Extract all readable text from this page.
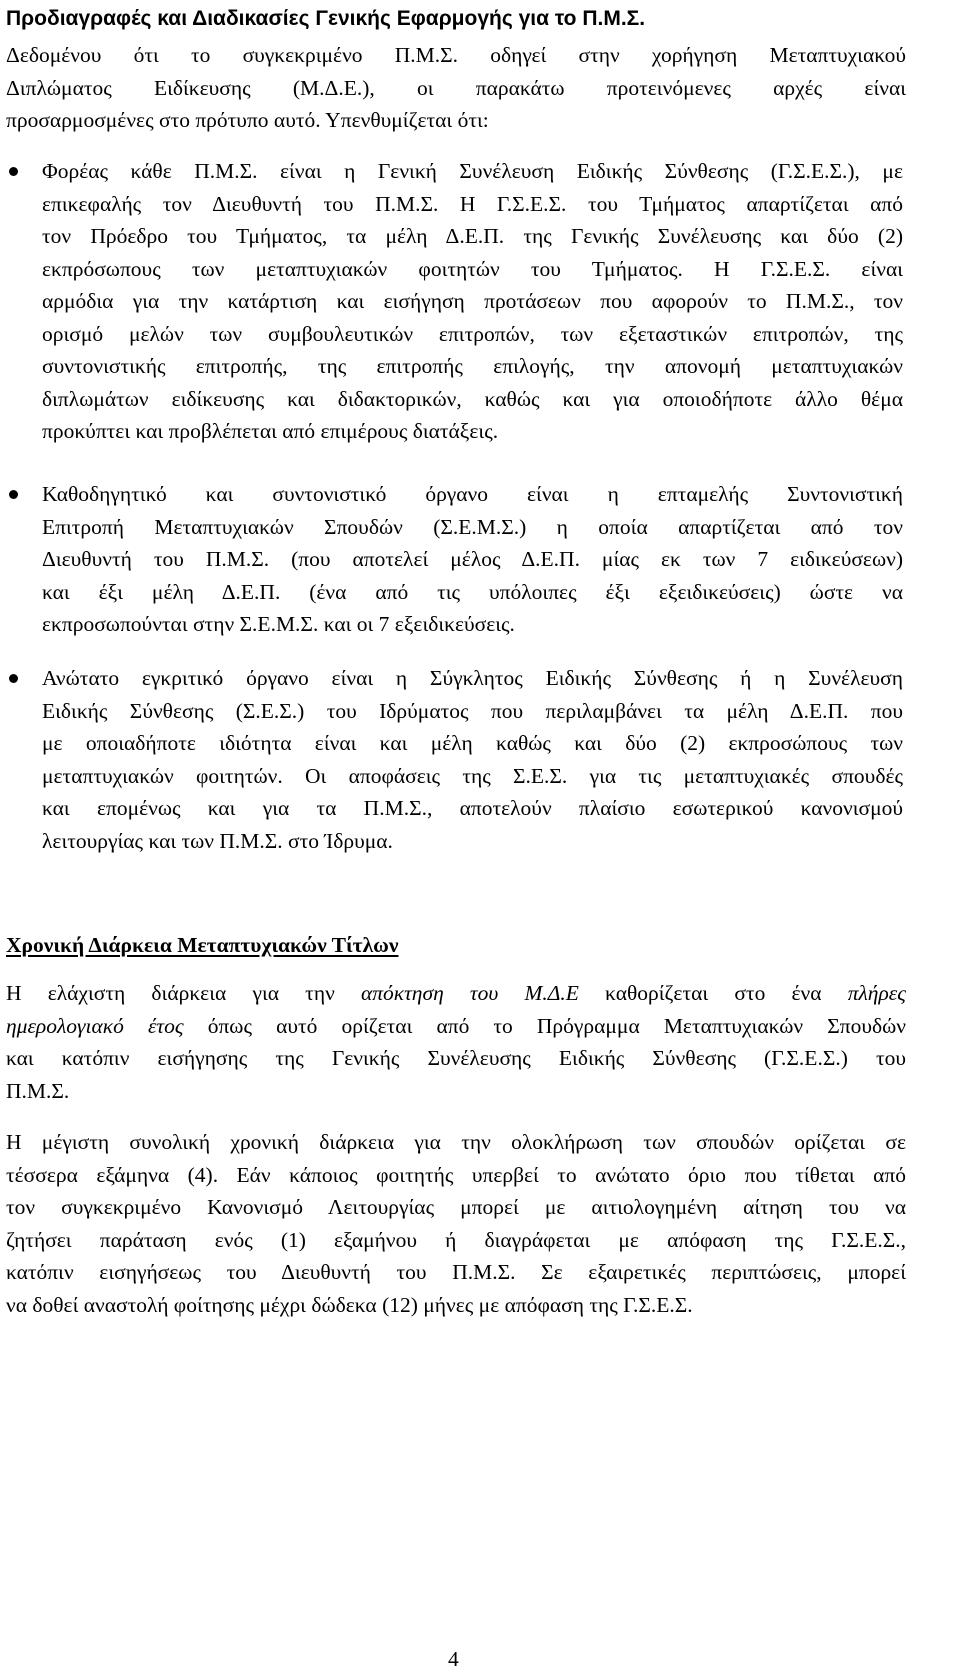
Προδιαγραφές και Διαδικασίες Γενικής Εφαρμογής για το Π.Μ.Σ.
Δεδομένου ότι το συγκεκριμένο Π.Μ.Σ. οδηγεί στην χορήγηση Μεταπτυχιακού
Διπλώματος Ειδίκευσης (Μ.Δ.Ε.), οι παρακάτω προτεινόμενες αρχές είναι
προσαρμοσμένες στο πρότυπο αυτό. Υπενθυμίζεται ότι:
Φορέας κάθε Π.Μ.Σ. είναι η Γενική Συνέλευση Ειδικής Σύνθεσης (Γ.Σ.Ε.Σ.), με
επικεφαλής τον Διευθυντή του Π.Μ.Σ. Η Γ.Σ.Ε.Σ. του Τμήματος απαρτίζεται από
τον Πρόεδρο του Τμήματος, τα μέλη Δ.Ε.Π. της Γενικής Συνέλευσης και δύο (2)
εκπρόσωπους των μεταπτυχιακών φοιτητών του Τμήματος. Η Γ.Σ.Ε.Σ. είναι
αρμόδια για την κατάρτιση και εισήγηση προτάσεων που αφορούν το Π.Μ.Σ., τον
ορισμό μελών των συμβουλευτικών επιτροπών, των εξεταστικών επιτροπών, της
συντονιστικής επιτροπής, της επιτροπής επιλογής, την απονομή μεταπτυχιακών
διπλωμάτων ειδίκευσης και διδακτορικών, καθώς και για οποιοδήποτε άλλο θέμα
προκύπτει και προβλέπεται από επιμέρους διατάξεις.
Καθοδηγητικό και συντονιστικό όργανο είναι η επταμελής Συντονιστική
Επιτροπή Μεταπτυχιακών Σπουδών (Σ.Ε.Μ.Σ.) η οποία απαρτίζεται από τον
Διευθυντή του Π.Μ.Σ. (που αποτελεί μέλος Δ.Ε.Π. μίας εκ των 7 ειδικεύσεων)
και έξι μέλη Δ.Ε.Π. (ένα από τις υπόλοιπες έξι εξειδικεύσεις) ώστε να
εκπροσωπούνται στην Σ.Ε.Μ.Σ. και οι 7 εξειδικεύσεις.
Ανώτατο εγκριτικό όργανο είναι η Σύγκλητος Ειδικής Σύνθεσης ή η Συνέλευση
Ειδικής Σύνθεσης (Σ.Ε.Σ.) του Ιδρύματος που περιλαμβάνει τα μέλη Δ.Ε.Π. που
με οποιαδήποτε ιδιότητα είναι και μέλη καθώς και δύο (2) εκπροσώπους των
μεταπτυχιακών φοιτητών. Οι αποφάσεις της Σ.Ε.Σ. για τις μεταπτυχιακές σπουδές
και επομένως και για τα Π.Μ.Σ., αποτελούν πλαίσιο εσωτερικού κανονισμού
λειτουργίας και των Π.Μ.Σ. στο Ίδρυμα.
Χρονική Διάρκεια Μεταπτυχιακών Τίτλων
Η ελάχιστη διάρκεια για την απόκτηση του Μ.Δ.Ε καθορίζεται στο ένα πλήρες
ημερολογιακό έτος όπως αυτό ορίζεται από το Πρόγραμμα Μεταπτυχιακών Σπουδών
και κατόπιν εισήγησης της Γενικής Συνέλευσης Ειδικής Σύνθεσης (Γ.Σ.Ε.Σ.) του
Π.Μ.Σ.
Η μέγιστη συνολική χρονική διάρκεια για την ολοκλήρωση των σπουδών ορίζεται σε
τέσσερα εξάμηνα (4). Εάν κάποιος φοιτητής υπερβεί το ανώτατο όριο που τίθεται από
τον συγκεκριμένο Κανονισμό Λειτουργίας μπορεί με αιτιολογημένη αίτηση του να
ζητήσει παράταση ενός (1) εξαμήνου ή διαγράφεται με απόφαση της Γ.Σ.Ε.Σ.,
κατόπιν εισηγήσεως του Διευθυντή του Π.Μ.Σ. Σε εξαιρετικές περιπτώσεις, μπορεί
να δοθεί αναστολή φοίτησης μέχρι δώδεκα (12) μήνες με απόφαση της Γ.Σ.Ε.Σ.
4
